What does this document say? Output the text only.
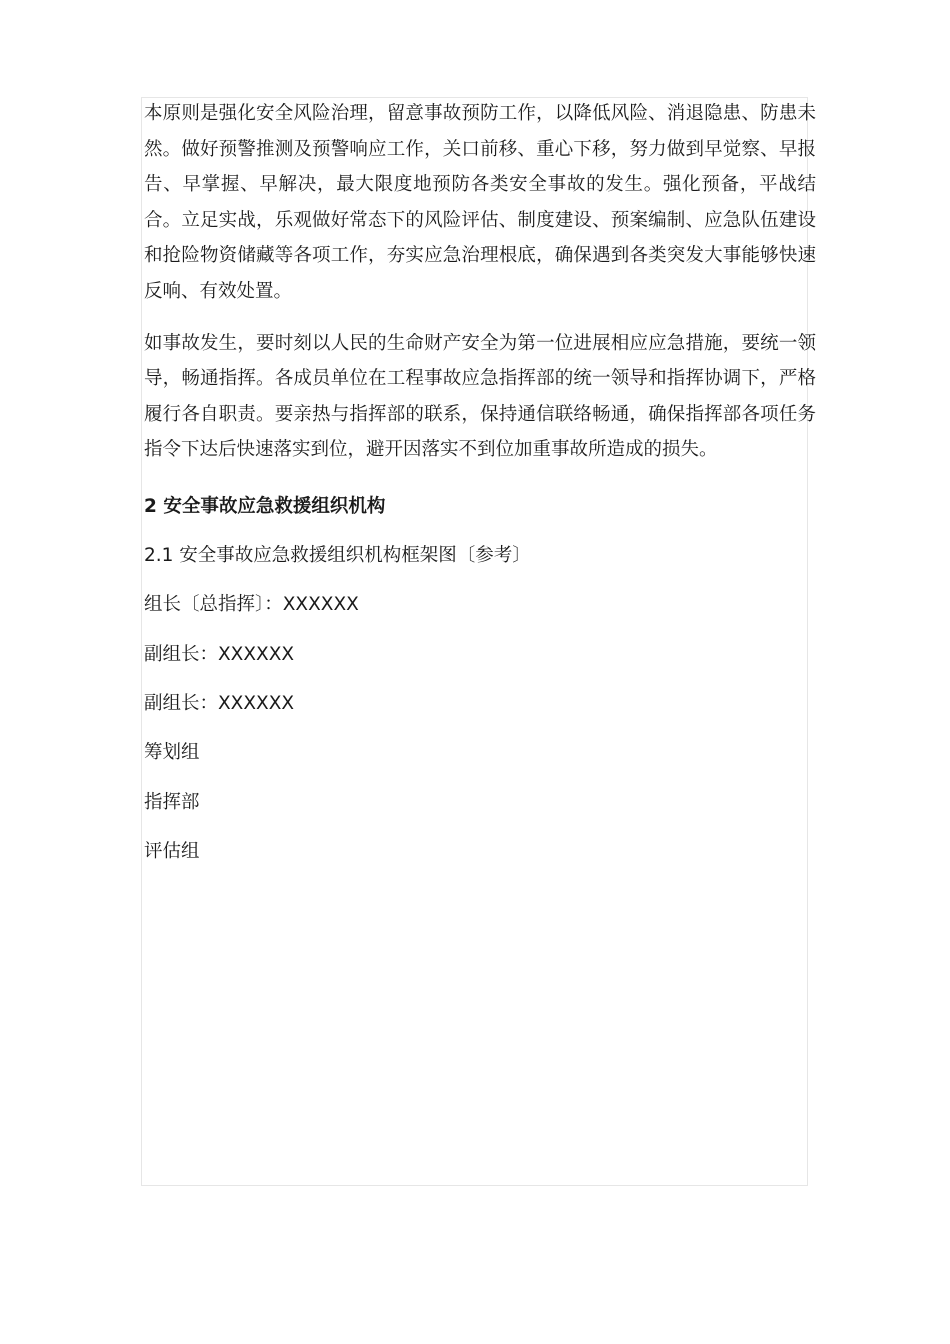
本原则是强化安全风险治理，留意事故预防工作，以降低风险、消退隐患、防患未然。做好预警推测及预警响应工作，关口前移、重心下移，努力做到早觉察、早报告、早掌握、早解决，最大限度地预防各类安全事故的发生。强化预备，平战结合。立足实战，乐观做好常态下的风险评估、制度建设、预案编制、应急队伍建设和抢险物资储藏等各项工作，夯实应急治理根底，确保遇到各类突发大事能够快速反响、有效处置。

如事故发生，要时刻以人民的生命财产安全为第一位进展相应应急措施，要统一领导，畅通指挥。各成员单位在工程事故应急指挥部的统一领导和指挥协调下，严格履行各自职责。要亲热与指挥部的联系，保持通信联络畅通，确保指挥部各项任务指令下达后快速落实到位，避开因落实不到位加重事故所造成的损失。

2 安全事故应急救援组织机构

2.1 安全事故应急救援组织机构框架图〔参考〕

组长〔总指挥〕：XXXXXX

副组长：XXXXXX

副组长：XXXXXX

筹划组

指挥部

评估组
